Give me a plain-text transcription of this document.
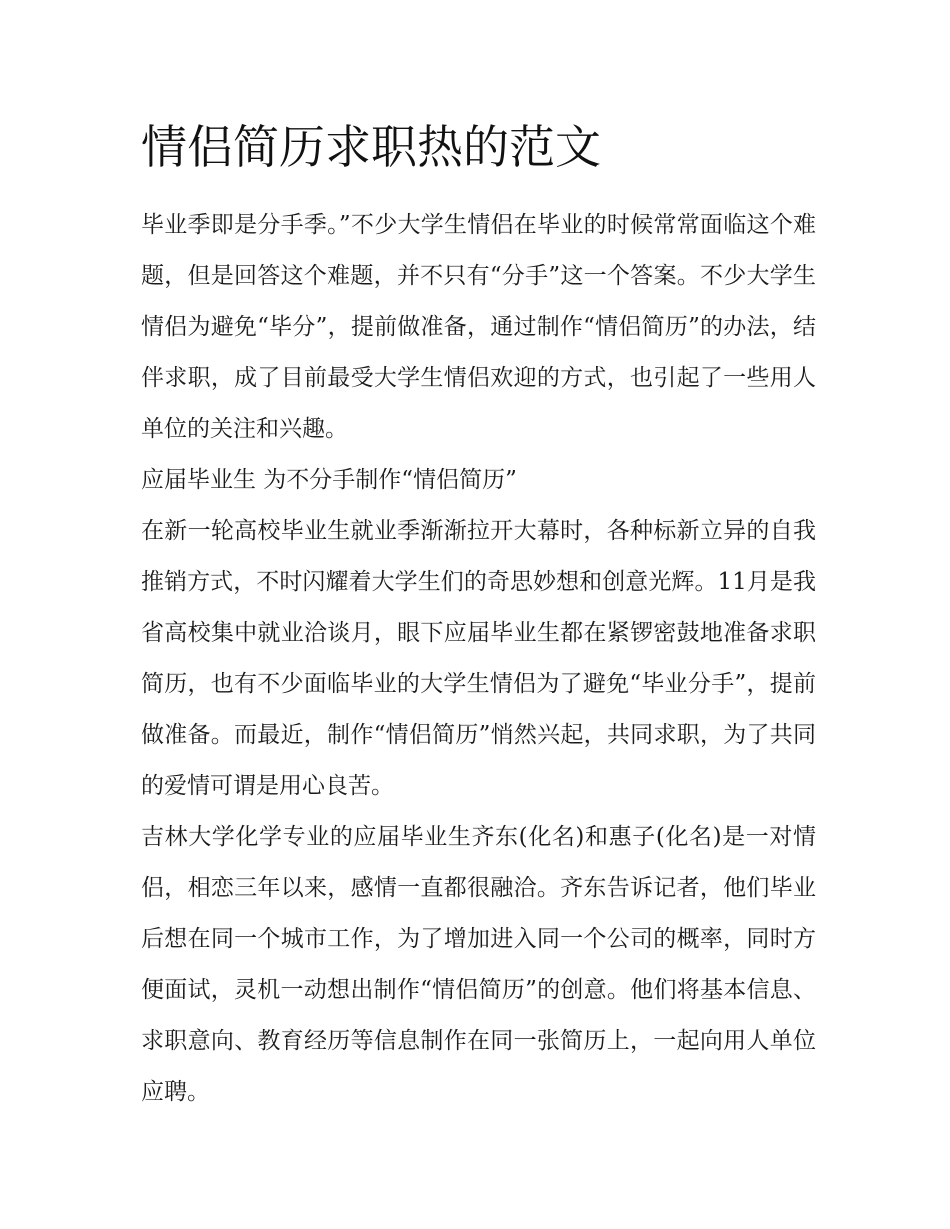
情侣简历求职热的范文

毕业季即是分手季。”不少大学生情侣在毕业的时候常常面临这个难题，但是回答这个难题，并不只有“分手”这一个答案。不少大学生情侣为避免“毕分”，提前做准备，通过制作“情侣简历”的办法，结伴求职，成了目前最受大学生情侣欢迎的方式，也引起了一些用人单位的关注和兴趣。

应届毕业生 为不分手制作“情侣简历”

在新一轮高校毕业生就业季渐渐拉开大幕时，各种标新立异的自我推销方式，不时闪耀着大学生们的奇思妙想和创意光辉。11月是我省高校集中就业洽谈月，眼下应届毕业生都在紧锣密鼓地准备求职简历，也有不少面临毕业的大学生情侣为了避免“毕业分手”，提前做准备。而最近，制作“情侣简历”悄然兴起，共同求职，为了共同的爱情可谓是用心良苦。

吉林大学化学专业的应届毕业生齐东(化名)和惠子(化名)是一对情侣，相恋三年以来，感情一直都很融洽。齐东告诉记者，他们毕业后想在同一个城市工作，为了增加进入同一个公司的概率，同时方便面试，灵机一动想出制作“情侣简历”的创意。他们将基本信息、求职意向、教育经历等信息制作在同一张简历上，一起向用人单位应聘。
